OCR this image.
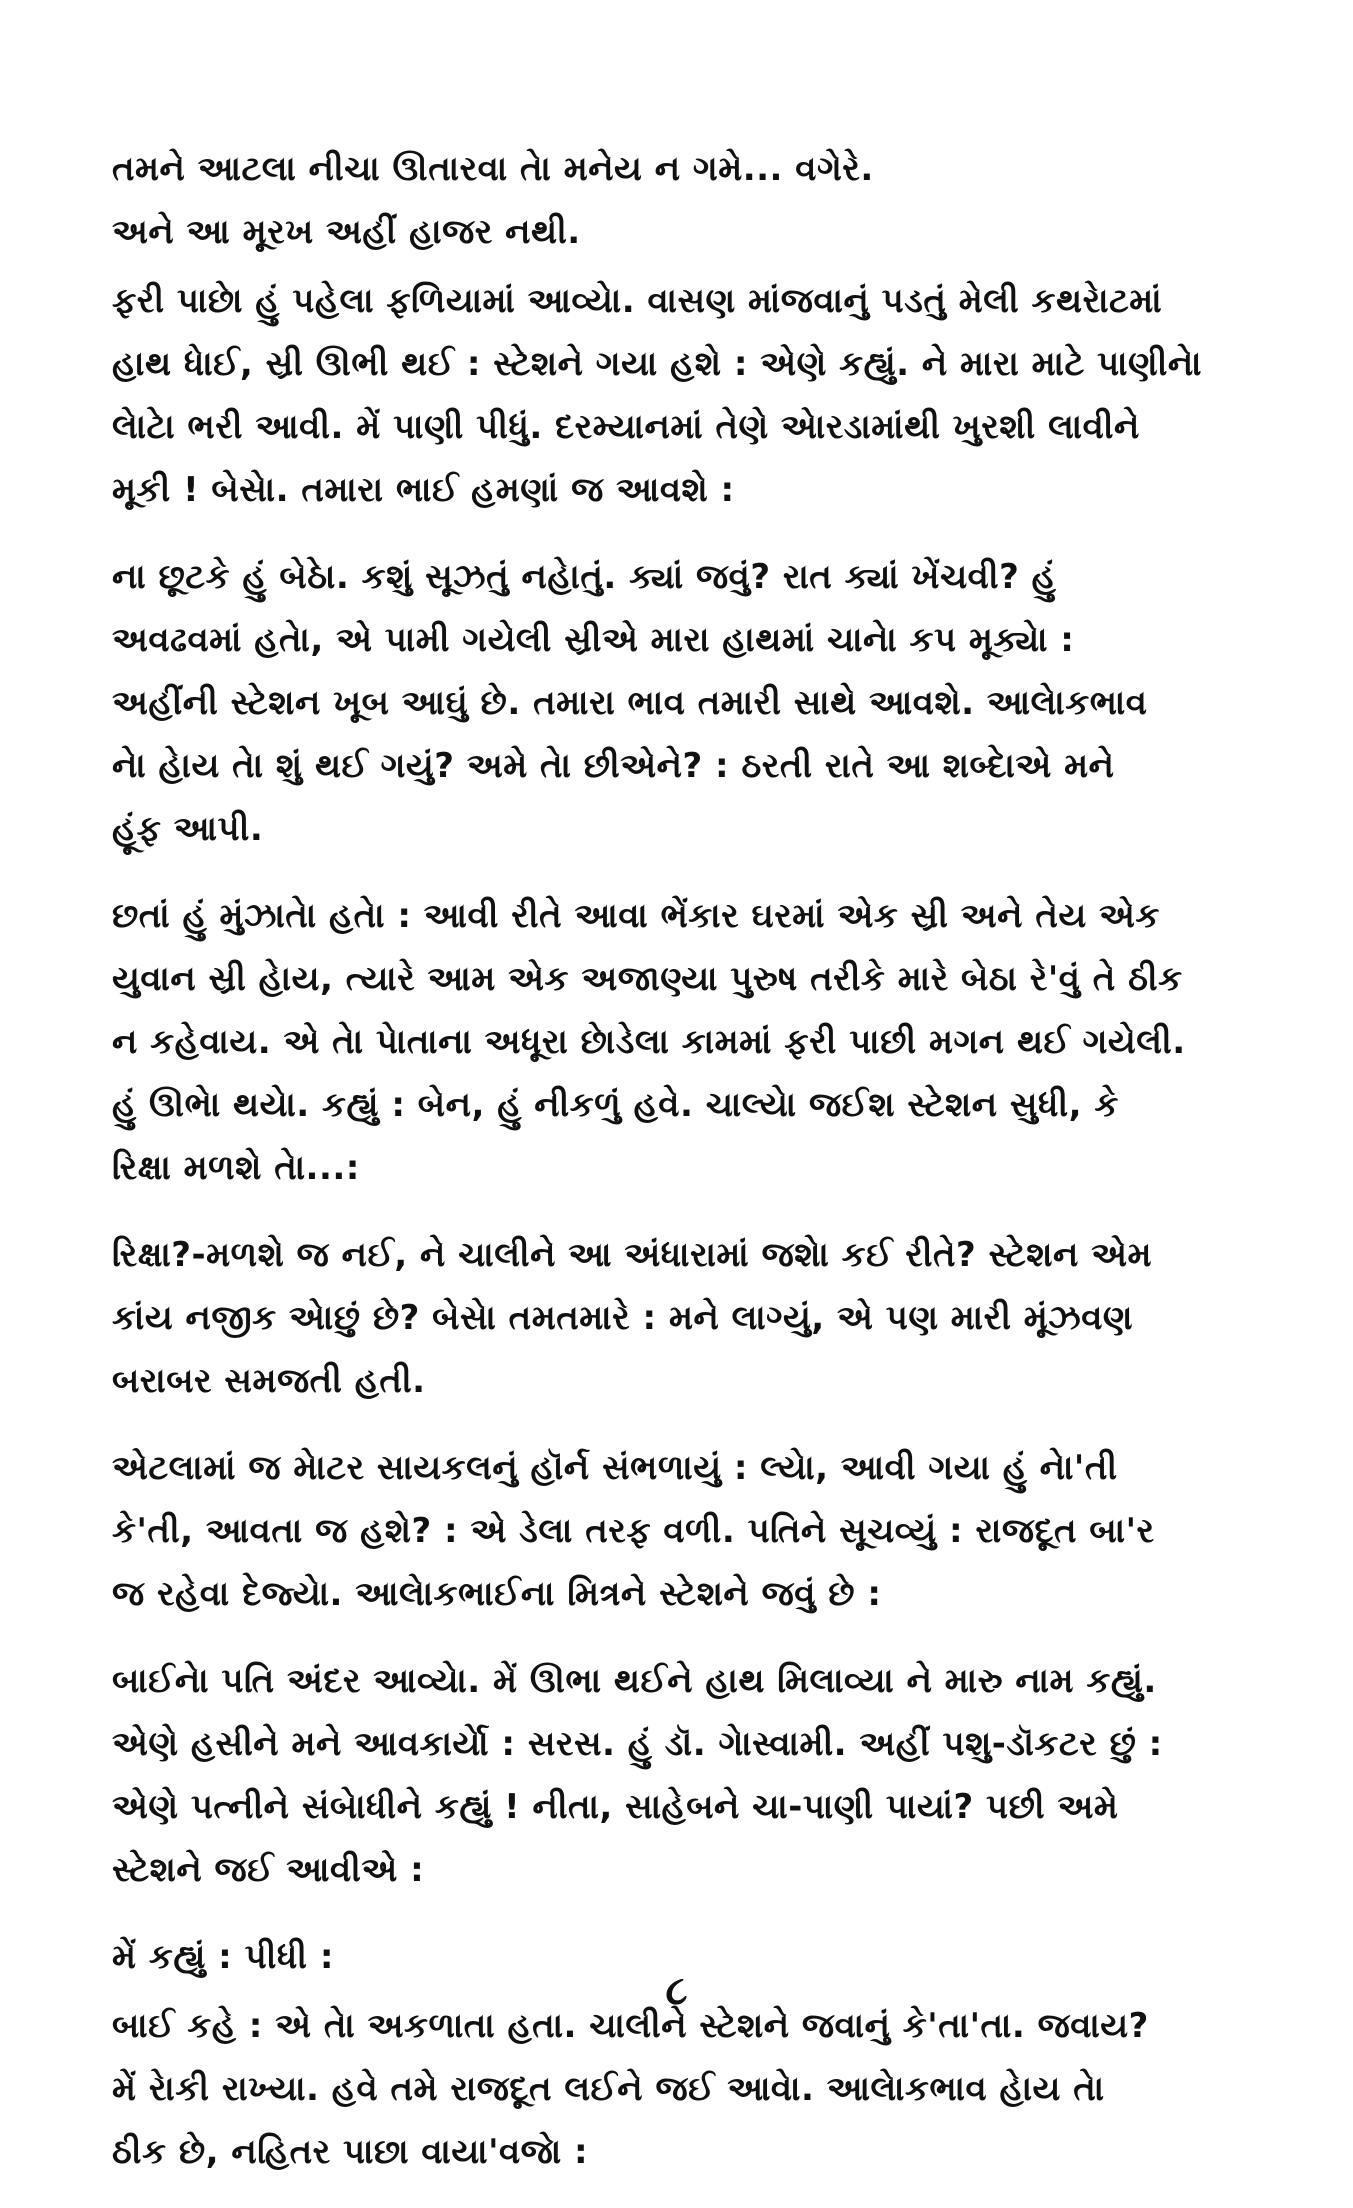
તમને આટલા નીચા ઊતારવા તેા મનેય ન ગમે... વગેરે.
અને આ મૂરખ અહીં હાજર નથી.
ફરી પાછેા હું પહેલા ફળિયામાં આવ્યેા. વાસણ માંજવાનું પડતું મેલી કથરેાટમાં
હાથ ધેાઈ, સ્રી ઊભી થઈ : સ્ટેશને ગયા હશે : એણે કહ્યું. ને મારા માટે પાણીનેા
લેાટેા ભરી આવી. મેં પાણી પીધું. દરમ્યાનમાં તેણે એારડામાંથી ખુરશી લાવીને
મૂકી ! બેસેા. તમારા ભાઈ હમણાં જ આવશે :
ના છૂટકે હું બેઠેા. કશું સૂઝતું નહેાતું. ક્યાં જવું? રાત ક્યાં ખેંચવી? હું
અવઢવમાં હતેા, એ પામી ગયેલી સ્રીએ મારા હાથમાં ચાનેા કપ મૂક્યેા :
અહીંની સ્ટેશન ખૂબ આઘું છે. તમારા ભાવ તમારી સાથે આવશે. આલેાકભાવ
નેા હેાય તેા શું થઈ ગયું? અમે તેા છીએને? : ઠરતી રાતે આ શબ્દેાએ મને
હૂંફ આપી.
છતાં હું મુંઝાતેા હતેા : આવી રીતે આવા ભેંકાર ઘરમાં એક સ્રી અને તેય એક
યુવાન સ્રી હેાય, ત્યારે આમ એક અજાણ્યા પુરુષ તરીકે મારે બેઠા રે'વું તે ઠીક
ન કહેવાય. એ તેા પેાતાના અધૂરા છાેડેલા કામમાં ફરી પાછી મગન થઈ ગયેલી.
હું ઊભેા થયેા. કહ્યું : બેન, હું નીકળું હવે. ચાલ્યેા જઈશ સ્ટેશન સુધી, કે
રિક્ષા મળશે તેા...:
રિક્ષા?-મળશે જ નઈ, ને ચાલીને આ અંધારામાં જશેા કઈ રીતે? સ્ટેશન એમ
કાંય નજીક એાછું છે? બેસેા તમતમારે : મને લાગ્યું, એ પણ મારી મૂંઝવણ
બરાબર સમજતી હતી.
એટલામાં જ મેાટર સાયકલનું હૉર્ન સંભળાયું : લ્યેા, આવી ગયા હું નેા'તી
કે'તી, આવતા જ હશે? : એ ડેલા તરફ વળી. પતિને સૂચવ્યું : રાજદૂત બા'ર
જ રહેવા દેજ્યેા. આલેાકભાઈના મિત્રને સ્ટેશને જવું છે :
બાઈનેા પતિ અંદર આવ્યેા. મેં ઊભા થઈને હાથ મિલાવ્યા ને મારુ નામ કહ્યું.
એણે હસીને મને આવકાર્યેા : સરસ. હું ડૉ. ગેાસ્વામી. અહીં પશુ-ડૉકટર છું :
એણે પત્નીને સંબેાધીને કહ્યું ! નીતા, સાહેબને ચા-પાણી પાયાં? પછી અમે
સ્ટેશને જઈ આવીએ :
મેં કહ્યું : પીધી :
બાઈ કહે : એ તેા અકળાતા હતા. ચાલીને સ્ટેશને જવાનું કે'તા'તા. જવાય?
મેં રેાકી રાખ્યા. હવે તમે રાજદૂત લઈને જઈ આવેા. આલેાકભાવ હેાય તેા
ઠીક છે, નહિતર પાછા વાયા'વજેા :
૮
